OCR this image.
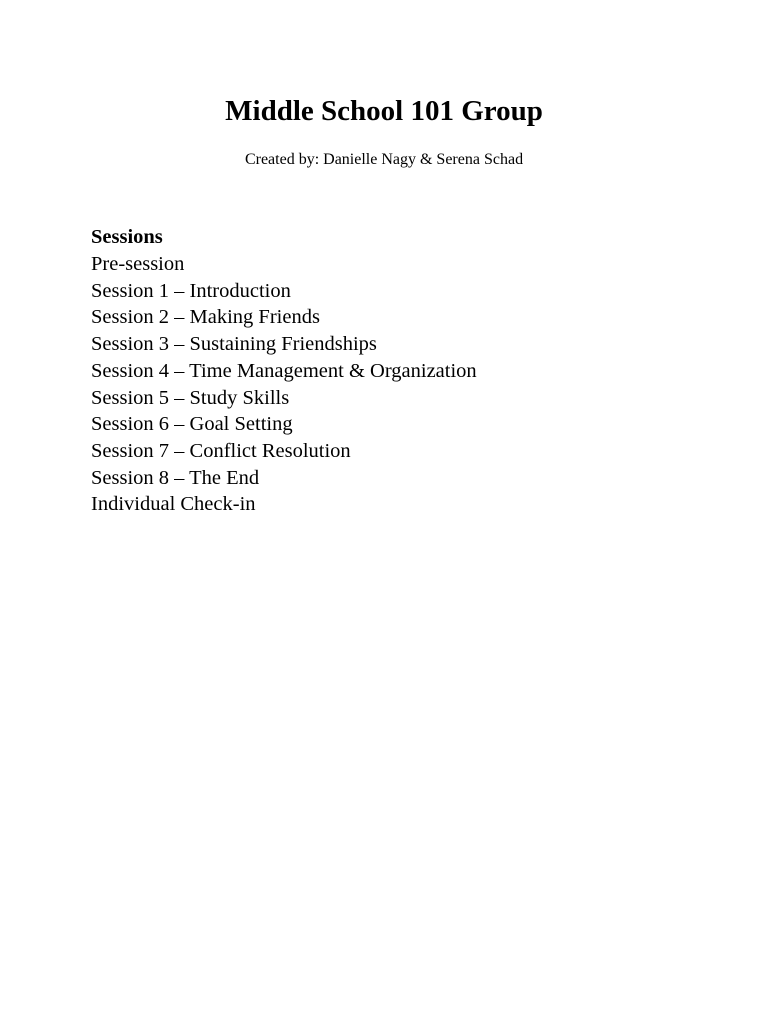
Middle School 101 Group

Created by: Danielle Nagy & Serena Schad

Sessions
Pre-session
Session 1 – Introduction
Session 2 – Making Friends
Session 3 – Sustaining Friendships
Session 4 – Time Management & Organization
Session 5 – Study Skills
Session 6 – Goal Setting
Session 7 – Conflict Resolution
Session 8 – The End
Individual Check-in
